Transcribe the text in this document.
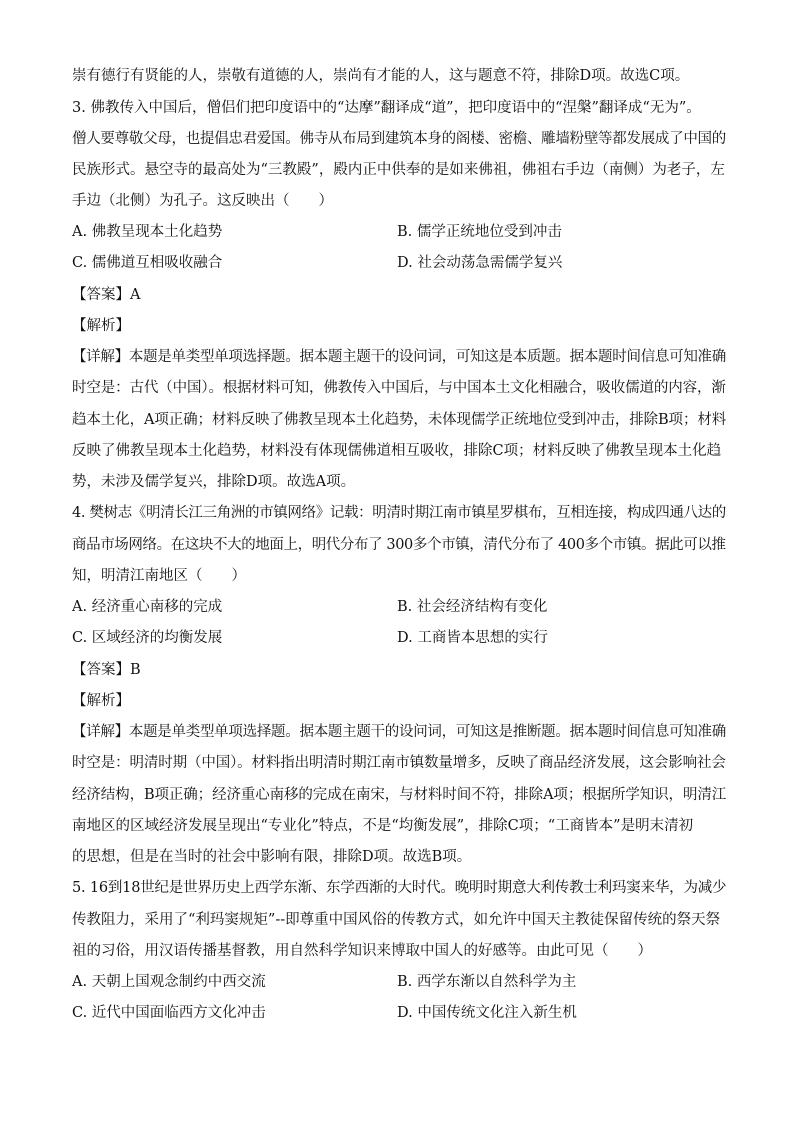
崇有德行有贤能的人，崇敬有道德的人，崇尚有才能的人，这与题意不符，排除D项。故选C项。
3. 佛教传入中国后，僧侣们把印度语中的“达摩”翻译成“道”，把印度语中的“涅槃”翻译成“无为”。
僧人要尊敬父母，也提倡忠君爱国。佛寺从布局到建筑本身的阁楼、密檐、雕墙粉壁等都发展成了中国的
民族形式。悬空寺的最高处为“三教殿”，殿内正中供奉的是如来佛祖，佛祖右手边（南侧）为老子，左
手边（北侧）为孔子。这反映出（　　）
A. 佛教呈现本土化趋势	B. 儒学正统地位受到冲击
C. 儒佛道互相吸收融合	D. 社会动荡急需儒学复兴
【答案】A
【解析】
【详解】本题是单类型单项选择题。据本题主题干的设问词，可知这是本质题。据本题时间信息可知准确
时空是：古代（中国）。根据材料可知，佛教传入中国后，与中国本土文化相融合，吸收儒道的内容，渐
趋本土化，A项正确；材料反映了佛教呈现本土化趋势，未体现儒学正统地位受到冲击，排除B项；材料
反映了佛教呈现本土化趋势，材料没有体现儒佛道相互吸收，排除C项；材料反映了佛教呈现本土化趋
势，未涉及儒学复兴，排除D项。故选A项。
4. 樊树志《明清长江三角洲的市镇网络》记载：明清时期江南市镇星罗棋布，互相连接，构成四通八达的
商品市场网络。在这块不大的地面上，明代分布了 300多个市镇，清代分布了 400多个市镇。据此可以推
知，明清江南地区（　　）
A. 经济重心南移的完成	B. 社会经济结构有变化
C. 区域经济的均衡发展	D. 工商皆本思想的实行
【答案】B
【解析】
【详解】本题是单类型单项选择题。据本题主题干的设问词，可知这是推断题。据本题时间信息可知准确
时空是：明清时期（中国）。材料指出明清时期江南市镇数量增多，反映了商品经济发展，这会影响社会
经济结构，B项正确；经济重心南移的完成在南宋，与材料时间不符，排除A项；根据所学知识，明清江
南地区的区域经济发展呈现出“专业化”特点，不是“均衡发展”，排除C项；“工商皆本”是明末清初
的思想，但是在当时的社会中影响有限，排除D项。故选B项。
5. 16到18世纪是世界历史上西学东渐、东学西渐的大时代。晚明时期意大利传教士利玛窦来华，为减少
传教阻力，采用了“利玛窦规矩”--即尊重中国风俗的传教方式，如允许中国天主教徒保留传统的祭天祭
祖的习俗，用汉语传播基督教，用自然科学知识来博取中国人的好感等。由此可见（　　）
A. 天朝上国观念制约中西交流	B. 西学东渐以自然科学为主
C. 近代中国面临西方文化冲击	D. 中国传统文化注入新生机
